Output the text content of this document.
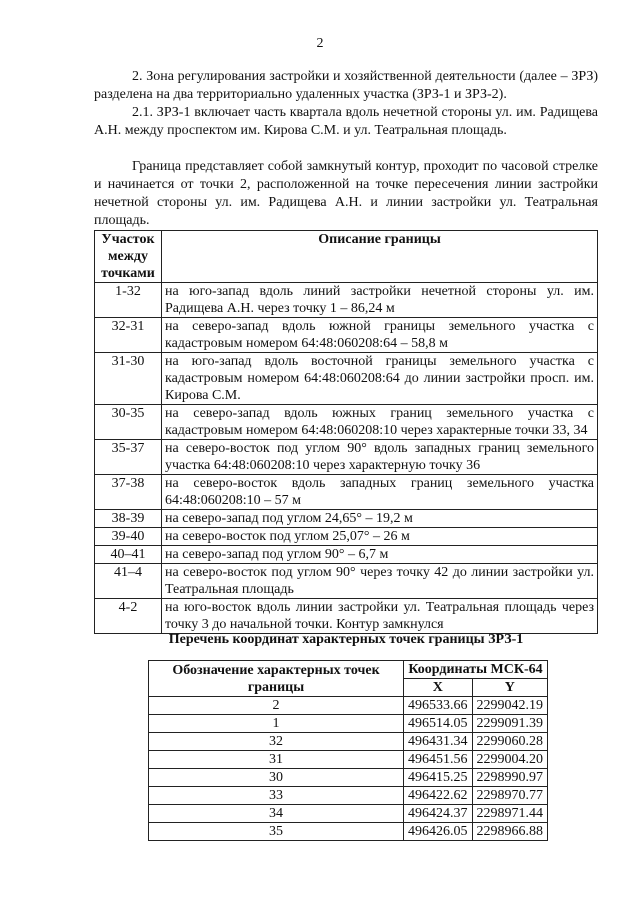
2

2. Зона регулирования застройки и хозяйственной деятельности (далее – ЗРЗ) разделена на два территориально удаленных участка (ЗРЗ-1 и ЗРЗ-2).

2.1. ЗРЗ-1 включает часть квартала вдоль нечетной стороны ул. им. Радищева А.Н. между проспектом им. Кирова С.М. и ул. Театральная площадь.

Граница представляет собой замкнутый контур, проходит по часовой стрелке и начинается от точки 2, расположенной на точке пересечения линии застройки нечетной стороны ул. им. Радищева А.Н. и линии застройки ул. Театральная площадь.

Участок между точками	Описание границы
1-32	на юго-запад вдоль линий застройки нечетной стороны ул. им. Радищева А.Н. через точку 1 – 86,24 м
32-31	на северо-запад вдоль южной границы земельного участка с кадастровым номером 64:48:060208:64 – 58,8 м
31-30	на юго-запад вдоль восточной границы земельного участка с кадастровым номером 64:48:060208:64 до линии застройки просп. им. Кирова С.М.
30-35	на северо-запад вдоль южных границ земельного участка с кадастровым номером 64:48:060208:10 через характерные точки 33, 34
35-37	на северо-восток под углом 90° вдоль западных границ земельного участка 64:48:060208:10 через характерную точку 36
37-38	на северо-восток вдоль западных границ земельного участка 64:48:060208:10 – 57 м
38-39	на северо-запад под углом 24,65° – 19,2 м
39-40	на северо-восток под углом 25,07° – 26 м
40–41	на северо-запад под углом 90° – 6,7 м
41–4	на северо-восток под углом 90° через точку 42 до линии застройки ул. Театральная площадь
4-2	на юго-восток вдоль линии застройки ул. Театральная площадь через точку 3 до начальной точки. Контур замкнулся
Перечень координат характерных точек границы ЗРЗ-1
Обозначение характерных точек границы	Координаты МСК-64	
	X	Y
2	496533.66	2299042.19
1	496514.05	2299091.39
32	496431.34	2299060.28
31	496451.56	2299004.20
30	496415.25	2298990.97
33	496422.62	2298970.77
34	496424.37	2298971.44
35	496426.05	2298966.88
